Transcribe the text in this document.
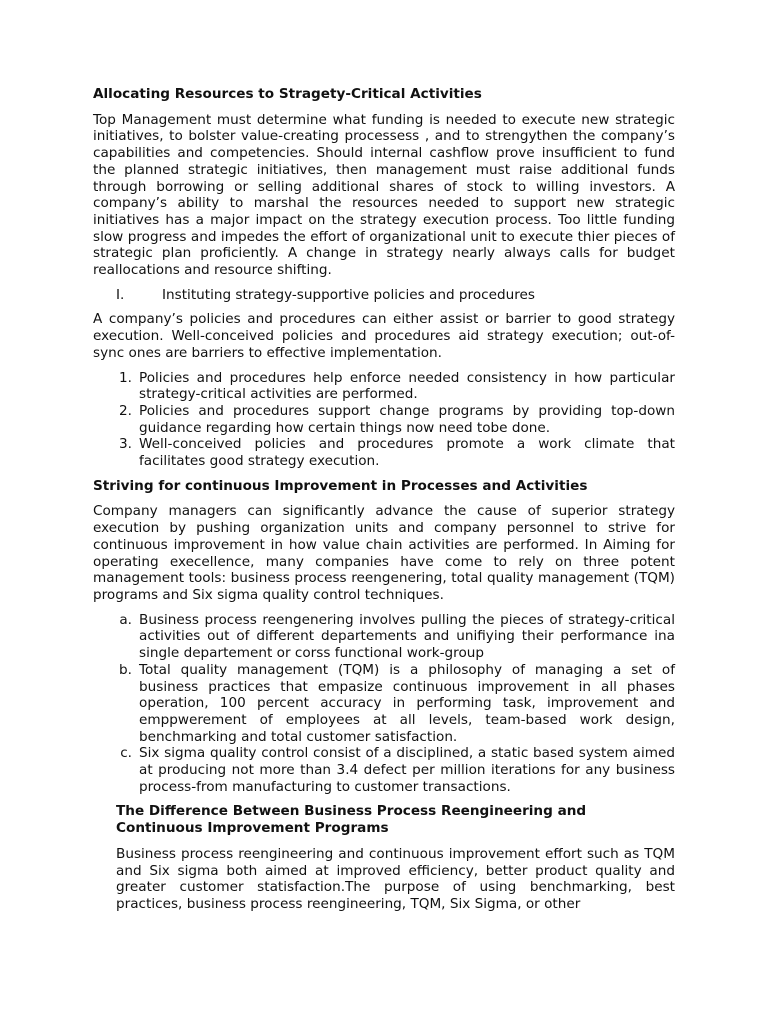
Allocating Resources to Stragety-Critical Activities

Top Management must determine what funding is needed to execute new strategic initiatives, to bolster value-creating processess , and to strengythen the company’s capabilities and competencies. Should internal cashflow prove insufficient to fund the planned strategic initiatives, then management must raise additional funds through borrowing or selling additional shares of stock to willing investors. A company’s ability to marshal the resources needed to support new strategic initiatives has a major impact on the strategy execution process. Too little funding slow progress and impedes the effort of organizational unit to execute thier pieces of strategic plan proficiently. A change in strategy nearly always calls for budget reallocations and resource shifting.

I.	Instituting strategy-supportive policies and procedures

A company’s policies and procedures can either assist or barrier to good strategy execution. Well-conceived policies and procedures aid strategy execution; out-of-sync ones are barriers to effective implementation.

1. Policies and procedures help enforce needed consistency in how particular strategy-critical activities are performed.
2. Policies and procedures support change programs by providing top-down guidance regarding how certain things now need tobe done.
3. Well-conceived policies and procedures promote a work climate that facilitates good strategy execution.
Striving for continuous Improvement in Processes and Activities

Company managers can significantly advance the cause of superior strategy execution by pushing organization units and company personnel to strive for continuous improvement in how value chain activities are performed. In Aiming for operating execellence, many companies have come to rely on three potent management tools: business process reengenering, total quality management (TQM) programs and Six sigma quality control techniques.

a. Business process reengenering involves pulling the pieces of strategy-critical activities out of different departements and unifiying their performance ina single departement or corss functional work-group
b. Total quality management (TQM) is a philosophy of managing a set of business practices that empasize continuous improvement in all phases operation, 100 percent accuracy in performing task, improvement and emppwerement of employees at all levels, team-based work design, benchmarking and total customer satisfaction.
c. Six sigma quality control consist of a disciplined, a static based system aimed at producing not more than 3.4 defect per million iterations for any business process-from manufacturing to customer transactions.
The Difference Between Business Process Reengineering and Continuous Improvement Programs

Business process reengineering and continuous improvement effort such as TQM and Six sigma both aimed at improved efficiency, better product quality and greater customer statisfaction.The purpose of using benchmarking, best practices, business process reengineering, TQM, Six Sigma, or other
